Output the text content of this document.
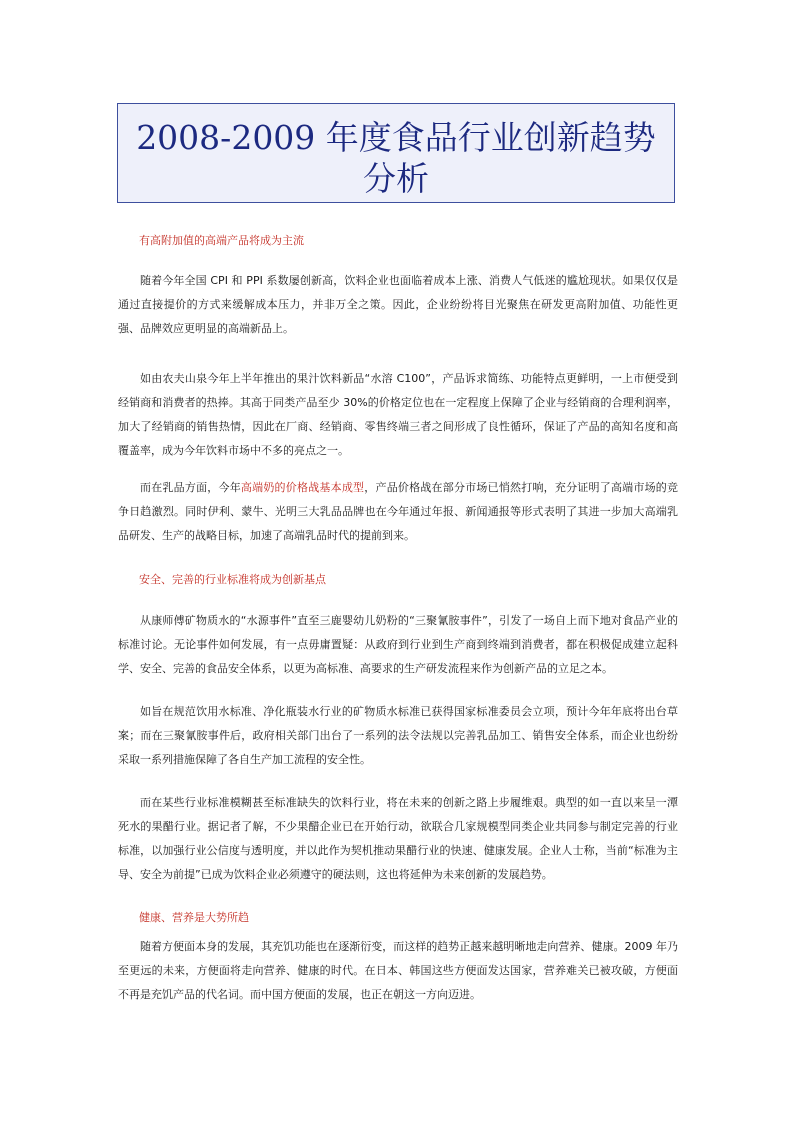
2008-2009 年度食品行业创新趋势
分析
有高附加值的高端产品将成为主流

随着今年全国 CPI 和 PPI 系数屡创新高，饮料企业也面临着成本上涨、消费人气低迷的尴尬现状。如果仅仅是通过直接提价的方式来缓解成本压力，并非万全之策。因此，企业纷纷将目光聚焦在研发更高附加值、功能性更强、品牌效应更明显的高端新品上。

如由农夫山泉今年上半年推出的果汁饮料新品“水溶 C100”，产品诉求简练、功能特点更鲜明，一上市便受到经销商和消费者的热捧。其高于同类产品至少 30%的价格定位也在一定程度上保障了企业与经销商的合理利润率，加大了经销商的销售热情，因此在厂商、经销商、零售终端三者之间形成了良性循环，保证了产品的高知名度和高覆盖率，成为今年饮料市场中不多的亮点之一。

而在乳品方面，今年高端奶的价格战基本成型，产品价格战在部分市场已悄然打响，充分证明了高端市场的竞争日趋激烈。同时伊利、蒙牛、光明三大乳品品牌也在今年通过年报、新闻通报等形式表明了其进一步加大高端乳品研发、生产的战略目标，加速了高端乳品时代的提前到来。

安全、完善的行业标准将成为创新基点

从康师傅矿物质水的“水源事件”直至三鹿婴幼儿奶粉的“三聚氰胺事件”，引发了一场自上而下地对食品产业的标准讨论。无论事件如何发展，有一点毋庸置疑：从政府到行业到生产商到终端到消费者，都在积极促成建立起科学、安全、完善的食品安全体系，以更为高标准、高要求的生产研发流程来作为创新产品的立足之本。

如旨在规范饮用水标准、净化瓶装水行业的矿物质水标准已获得国家标准委员会立项，预计今年年底将出台草案；而在三聚氰胺事件后，政府相关部门出台了一系列的法令法规以完善乳品加工、销售安全体系，而企业也纷纷采取一系列措施保障了各自生产加工流程的安全性。

而在某些行业标准模糊甚至标准缺失的饮料行业，将在未来的创新之路上步履维艰。典型的如一直以来呈一潭死水的果醋行业。据记者了解，不少果醋企业已在开始行动，欲联合几家规模型同类企业共同参与制定完善的行业标准，以加强行业公信度与透明度，并以此作为契机推动果醋行业的快速、健康发展。企业人士称，当前“标准为主导、安全为前提”已成为饮料企业必须遵守的硬法则，这也将延伸为未来创新的发展趋势。

健康、营养是大势所趋

随着方便面本身的发展，其充饥功能也在逐渐衍变，而这样的趋势正越来越明晰地走向营养、健康。2009 年乃至更远的未来，方便面将走向营养、健康的时代。在日本、韩国这些方便面发达国家，营养难关已被攻破，方便面不再是充饥产品的代名词。而中国方便面的发展，也正在朝这一方向迈进。
